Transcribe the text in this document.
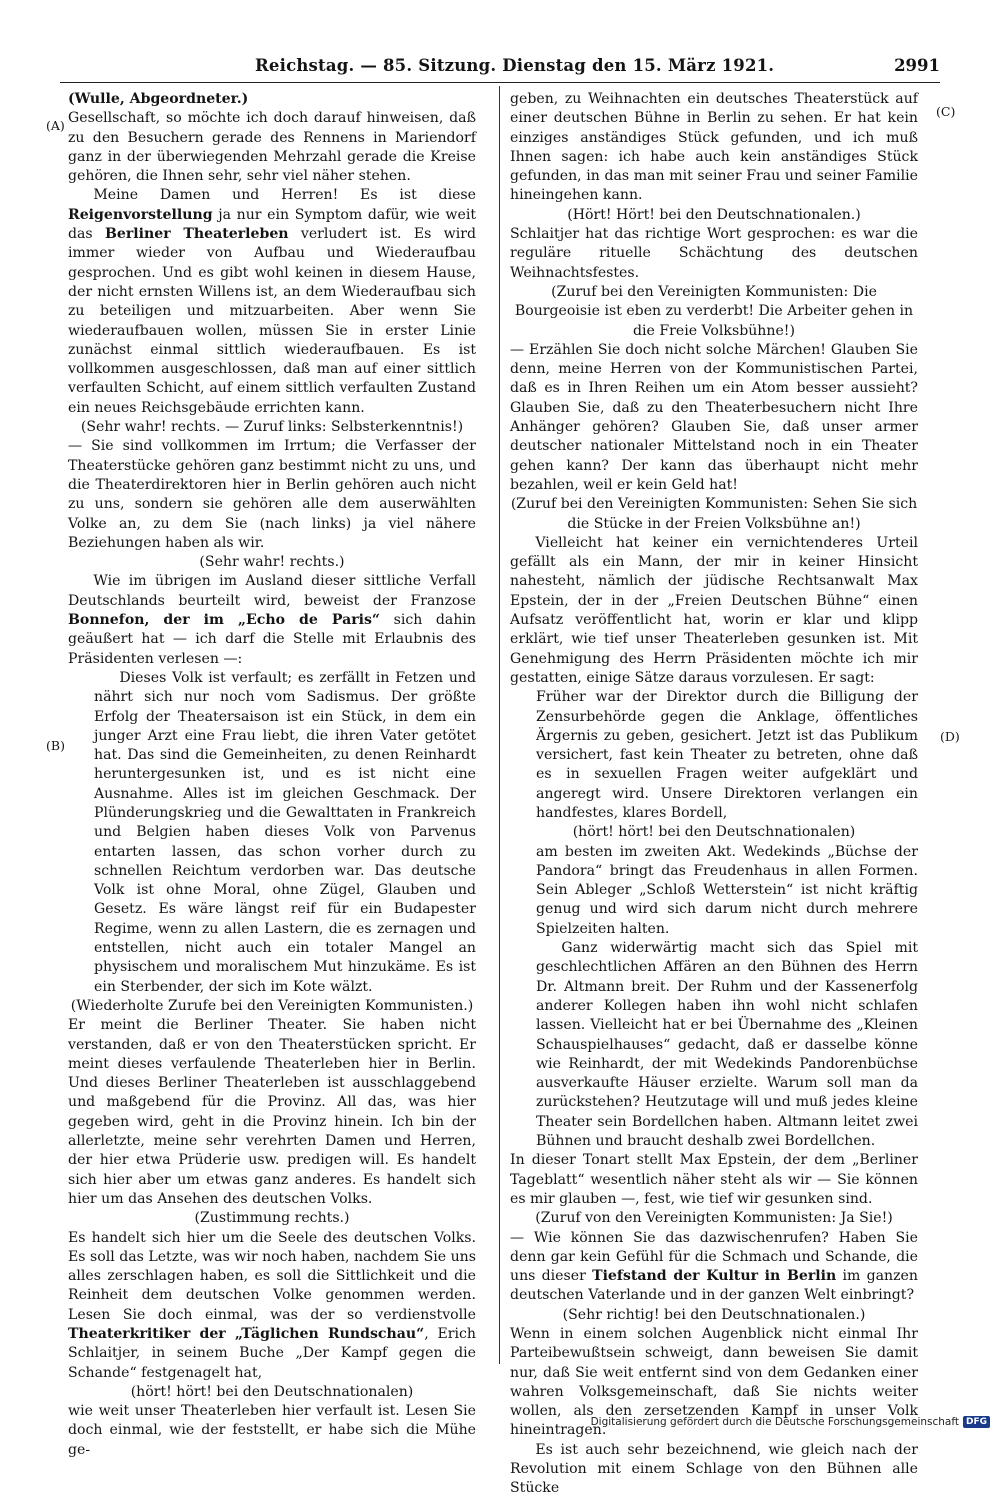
Reichstag. — 85. Sitzung. Dienstag den 15. März 1921.	2991
(A)
(B)
(C)
(D)

(Wulle, Abgeordneter.)

Gesellschaft, so möchte ich doch darauf hinweisen, daß zu den Besuchern gerade des Rennens in Mariendorf ganz in der überwiegenden Mehrzahl gerade die Kreise gehören, die Ihnen sehr, sehr viel näher stehen.

Meine Damen und Herren! Es ist diese Reigenvorstellung ja nur ein Symptom dafür, wie weit das Berliner Theaterleben verludert ist. Es wird immer wieder von Aufbau und Wiederaufbau gesprochen. Und es gibt wohl keinen in diesem Hause, der nicht ernsten Willens ist, an dem Wiederaufbau sich zu beteiligen und mitzuarbeiten. Aber wenn Sie wiederaufbauen wollen, müssen Sie in erster Linie zunächst einmal sittlich wiederaufbauen. Es ist vollkommen ausgeschlossen, daß man auf einer sittlich verfaulten Schicht, auf einem sittlich verfaulten Zustand ein neues Reichsgebäude errichten kann.

(Sehr wahr! rechts. — Zuruf links: Selbsterkenntnis!)

— Sie sind vollkommen im Irrtum; die Verfasser der Theaterstücke gehören ganz bestimmt nicht zu uns, und die Theaterdirektoren hier in Berlin gehören auch nicht zu uns, sondern sie gehören alle dem auserwählten Volke an, zu dem Sie (nach links) ja viel nähere Beziehungen haben als wir.

(Sehr wahr! rechts.)

Wie im übrigen im Ausland dieser sittliche Verfall Deutschlands beurteilt wird, beweist der Franzose Bonnefon, der im „Echo de Paris“ sich dahin geäußert hat — ich darf die Stelle mit Erlaubnis des Präsidenten verlesen —:

Dieses Volk ist verfault; es zerfällt in Fetzen und nährt sich nur noch vom Sadismus. Der größte Erfolg der Theatersaison ist ein Stück, in dem ein junger Arzt eine Frau liebt, die ihren Vater getötet hat. Das sind die Gemeinheiten, zu denen Reinhardt heruntergesunken ist, und es ist nicht eine Ausnahme. Alles ist im gleichen Geschmack. Der Plünderungskrieg und die Gewalttaten in Frankreich und Belgien haben dieses Volk von Parvenus entarten lassen, das schon vorher durch zu schnellen Reichtum verdorben war. Das deutsche Volk ist ohne Moral, ohne Zügel, Glauben und Gesetz. Es wäre längst reif für ein Budapester Regime, wenn zu allen Lastern, die es zernagen und entstellen, nicht auch ein totaler Mangel an physischem und moralischem Mut hinzukäme. Es ist ein Sterbender, der sich im Kote wälzt.

(Wiederholte Zurufe bei den Vereinigten Kommunisten.)

Er meint die Berliner Theater. Sie haben nicht verstanden, daß er von den Theaterstücken spricht. Er meint dieses verfaulende Theaterleben hier in Berlin. Und dieses Berliner Theaterleben ist ausschlaggebend und maßgebend für die Provinz. All das, was hier gegeben wird, geht in die Provinz hinein. Ich bin der allerletzte, meine sehr verehrten Damen und Herren, der hier etwa Prüderie usw. predigen will. Es handelt sich hier aber um etwas ganz anderes. Es handelt sich hier um das Ansehen des deutschen Volks.

(Zustimmung rechts.)

Es handelt sich hier um die Seele des deutschen Volks. Es soll das Letzte, was wir noch haben, nachdem Sie uns alles zerschlagen haben, es soll die Sittlichkeit und die Reinheit dem deutschen Volke genommen werden. Lesen Sie doch einmal, was der so verdienstvolle Theaterkritiker der „Täglichen Rundschau“, Erich Schlaitjer, in seinem Buche „Der Kampf gegen die Schande“ festgenagelt hat,

(hört! hört! bei den Deutschnationalen)

wie weit unser Theaterleben hier verfault ist. Lesen Sie doch einmal, wie der feststellt, er habe sich die Mühe ge-

geben, zu Weihnachten ein deutsches Theaterstück auf einer deutschen Bühne in Berlin zu sehen. Er hat kein einziges anständiges Stück gefunden, und ich muß Ihnen sagen: ich habe auch kein anständiges Stück gefunden, in das man mit seiner Frau und seiner Familie hineingehen kann.

(Hört! Hört! bei den Deutschnationalen.)

Schlaitjer hat das richtige Wort gesprochen: es war die reguläre rituelle Schächtung des deutschen Weihnachtsfestes.

(Zuruf bei den Vereinigten Kommunisten: Die Bourgeoisie ist eben zu verderbt! Die Arbeiter gehen in die Freie Volksbühne!)

— Erzählen Sie doch nicht solche Märchen! Glauben Sie denn, meine Herren von der Kommunistischen Partei, daß es in Ihren Reihen um ein Atom besser aussieht? Glauben Sie, daß zu den Theaterbesuchern nicht Ihre Anhänger gehören? Glauben Sie, daß unser armer deutscher nationaler Mittelstand noch in ein Theater gehen kann? Der kann das überhaupt nicht mehr bezahlen, weil er kein Geld hat!

(Zuruf bei den Vereinigten Kommunisten: Sehen Sie sich die Stücke in der Freien Volksbühne an!)

Vielleicht hat keiner ein vernichtenderes Urteil gefällt als ein Mann, der mir in keiner Hinsicht nahesteht, nämlich der jüdische Rechtsanwalt Max Epstein, der in der „Freien Deutschen Bühne“ einen Aufsatz veröffentlicht hat, worin er klar und klipp erklärt, wie tief unser Theaterleben gesunken ist. Mit Genehmigung des Herrn Präsidenten möchte ich mir gestatten, einige Sätze daraus vorzulesen. Er sagt:

Früher war der Direktor durch die Billigung der Zensurbehörde gegen die Anklage, öffentliches Ärgernis zu geben, gesichert. Jetzt ist das Publikum versichert, fast kein Theater zu betreten, ohne daß es in sexuellen Fragen weiter aufgeklärt und angeregt wird. Unsere Direktoren verlangen ein handfestes, klares Bordell,

(hört! hört! bei den Deutschnationalen)

am besten im zweiten Akt. Wedekinds „Büchse der Pandora“ bringt das Freudenhaus in allen Formen. Sein Ableger „Schloß Wetterstein“ ist nicht kräftig genug und wird sich darum nicht durch mehrere Spielzeiten halten.

Ganz widerwärtig macht sich das Spiel mit geschlechtlichen Affären an den Bühnen des Herrn Dr. Altmann breit. Der Ruhm und der Kassenerfolg anderer Kollegen haben ihn wohl nicht schlafen lassen. Vielleicht hat er bei Übernahme des „Kleinen Schauspielhauses“ gedacht, daß er dasselbe könne wie Reinhardt, der mit Wedekinds Pandorenbüchse ausverkaufte Häuser erzielte. Warum soll man da zurückstehen? Heutzutage will und muß jedes kleine Theater sein Bordellchen haben. Altmann leitet zwei Bühnen und braucht deshalb zwei Bordellchen.

In dieser Tonart stellt Max Epstein, der dem „Berliner Tageblatt“ wesentlich näher steht als wir — Sie können es mir glauben —, fest, wie tief wir gesunken sind.

(Zuruf von den Vereinigten Kommunisten: Ja Sie!)

— Wie können Sie das dazwischenrufen? Haben Sie denn gar kein Gefühl für die Schmach und Schande, die uns dieser Tiefstand der Kultur in Berlin im ganzen deutschen Vaterlande und in der ganzen Welt einbringt?

(Sehr richtig! bei den Deutschnationalen.)

Wenn in einem solchen Augenblick nicht einmal Ihr Parteibewußtsein schweigt, dann beweisen Sie damit nur, daß Sie weit entfernt sind von dem Gedanken einer wahren Volksgemeinschaft, daß Sie nichts weiter wollen, als den zersetzenden Kampf in unser Volk hineintragen.

Es ist auch sehr bezeichnend, wie gleich nach der Revolution mit einem Schlage von den Bühnen alle Stücke

Digitalisierung gefördert durch die Deutsche Forschungsgemeinschaft DFG
